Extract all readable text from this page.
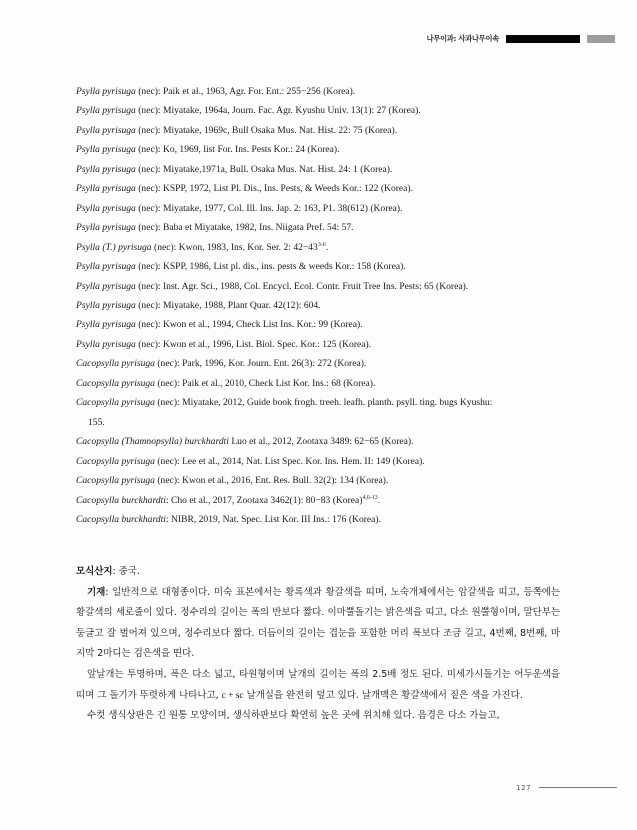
나무이과: 사과나무이속
Psylla pyrisuga (nec): Paik et al., 1963, Agr. For. Ent.: 255−256 (Korea).
Psylla pyrisuga (nec): Miyatake, 1964a, Journ. Fac. Agr. Kyushu Univ. 13(1): 27 (Korea).
Psylla pyrisuga (nec): Miyatake, 1969c, Bull Osaka Mus. Nat. Hist. 22: 75 (Korea).
Psylla pyrisuga (nec): Ko, 1969, list For. Ins. Pests Kor.: 24 (Korea).
Psylla pyrisuga (nec): Miyatake,1971a, Bull. Osaka Mus. Nat. Hist. 24: 1 (Korea).
Psylla pyrisuga (nec): KSPP, 1972, List Pl. Dis., Ins. Pests, & Weeds Kor.: 122 (Korea).
Psylla pyrisuga (nec): Miyatake, 1977, Col. Ill. Ins. Jap. 2: 163, P1. 38(612) (Korea).
Psylla pyrisuga (nec): Baba et Miyatake, 1982, Ins. Niigata Pref. 54: 57.
Psylla (T.) pyrisuga (nec): Kwon, 1983, Ins. Kor. Ser. 2: $42-43^{3-6}$.
Psylla pyrisuga (nec): KSPP, 1986, List pl. dis., ins. pests & weeds Kor.: 158 (Korea).
Psylla pyrisuga (nec): Inst. Agr. Sci., 1988, Col. Encycl. Ecol. Contr. Fruit Tree Ins. Pests: 65 (Korea).
Psylla pyrisuga (nec): Miyatake, 1988, Plant Quar. 42(12): 604.
Psylla pyrisuga (nec): Kwon et al., 1994, Check List Ins. Kor.: 99 (Korea).
Psylla pyrisuga (nec): Kwon et al., 1996, List. Biol. Spec. Kor.: 125 (Korea).
Cacopsylla pyrisuga (nec): Park, 1996, Kor. Journ. Ent. 26(3): 272 (Korea).
Cacopsylla pyrisuga (nec): Paik et al., 2010, Check List Kor. Ins.: 68 (Korea).
Cacopsylla pyrisuga (nec): Miyatake, 2012, Guide book frogh. treeh. leafh. planth. psyll. ting. bugs Kyushu:
155.
Cacopsylla (Thamnopsylla) burckhardti Luo et al., 2012, Zootaxa 3489: 62−65 (Korea).
Cacopsylla pyrisuga (nec): Lee et al., 2014, Nat. List Spec. Kor. Ins. Hem. II: 149 (Korea).
Cacopsylla pyrisuga (nec): Kwon et al., 2016, Ent. Res. Bull. 32(2): 134 (Korea).
Cacopsylla burckhardti: Cho et al., 2017, Zootaxa 3462(1): 80−83 (Korea)$^{4,6-13}$.
Cacopsylla burckhardti: NIBR, 2019, Nat. Spec. List Kor. III Ins.: 176 (Korea).

모식산지: 중국.

기재: 일반적으로 대형종이다. 미숙 표본에서는 황록색과 황갈색을 띠며, 노숙개체에서는 암갈색을 띠고, 등쪽에는 황갈색의 세로줄이 있다. 정수리의 길이는 폭의 반보다 짧다. 이마뿔돌기는 밝은색을 띠고, 다소 원뿔형이며, 말단부는 둥글고 잘 벌어져 있으며, 정수리보다 짧다. 더듬이의 길이는 겹눈을 포함한 머리 폭보다 조금 길고, 4번째, 8번째, 마지막 2마디는 검은색을 띤다.

앞날개는 투명하며, 폭은 다소 넓고, 타원형이며 날개의 길이는 폭의 2.5배 정도 된다. 미세가시돌기는 어두운색을 띠며 그 돌기가 뚜렷하게 나타나고, c + sc 날개실을 완전히 덮고 있다. 날개맥은 황갈색에서 짙은 색을 가진다.

수컷 생식상판은 긴 원통 모양이며, 생식하판보다 확연히 높은 곳에 위치해 있다. 음경은 다소 가늘고,

127
